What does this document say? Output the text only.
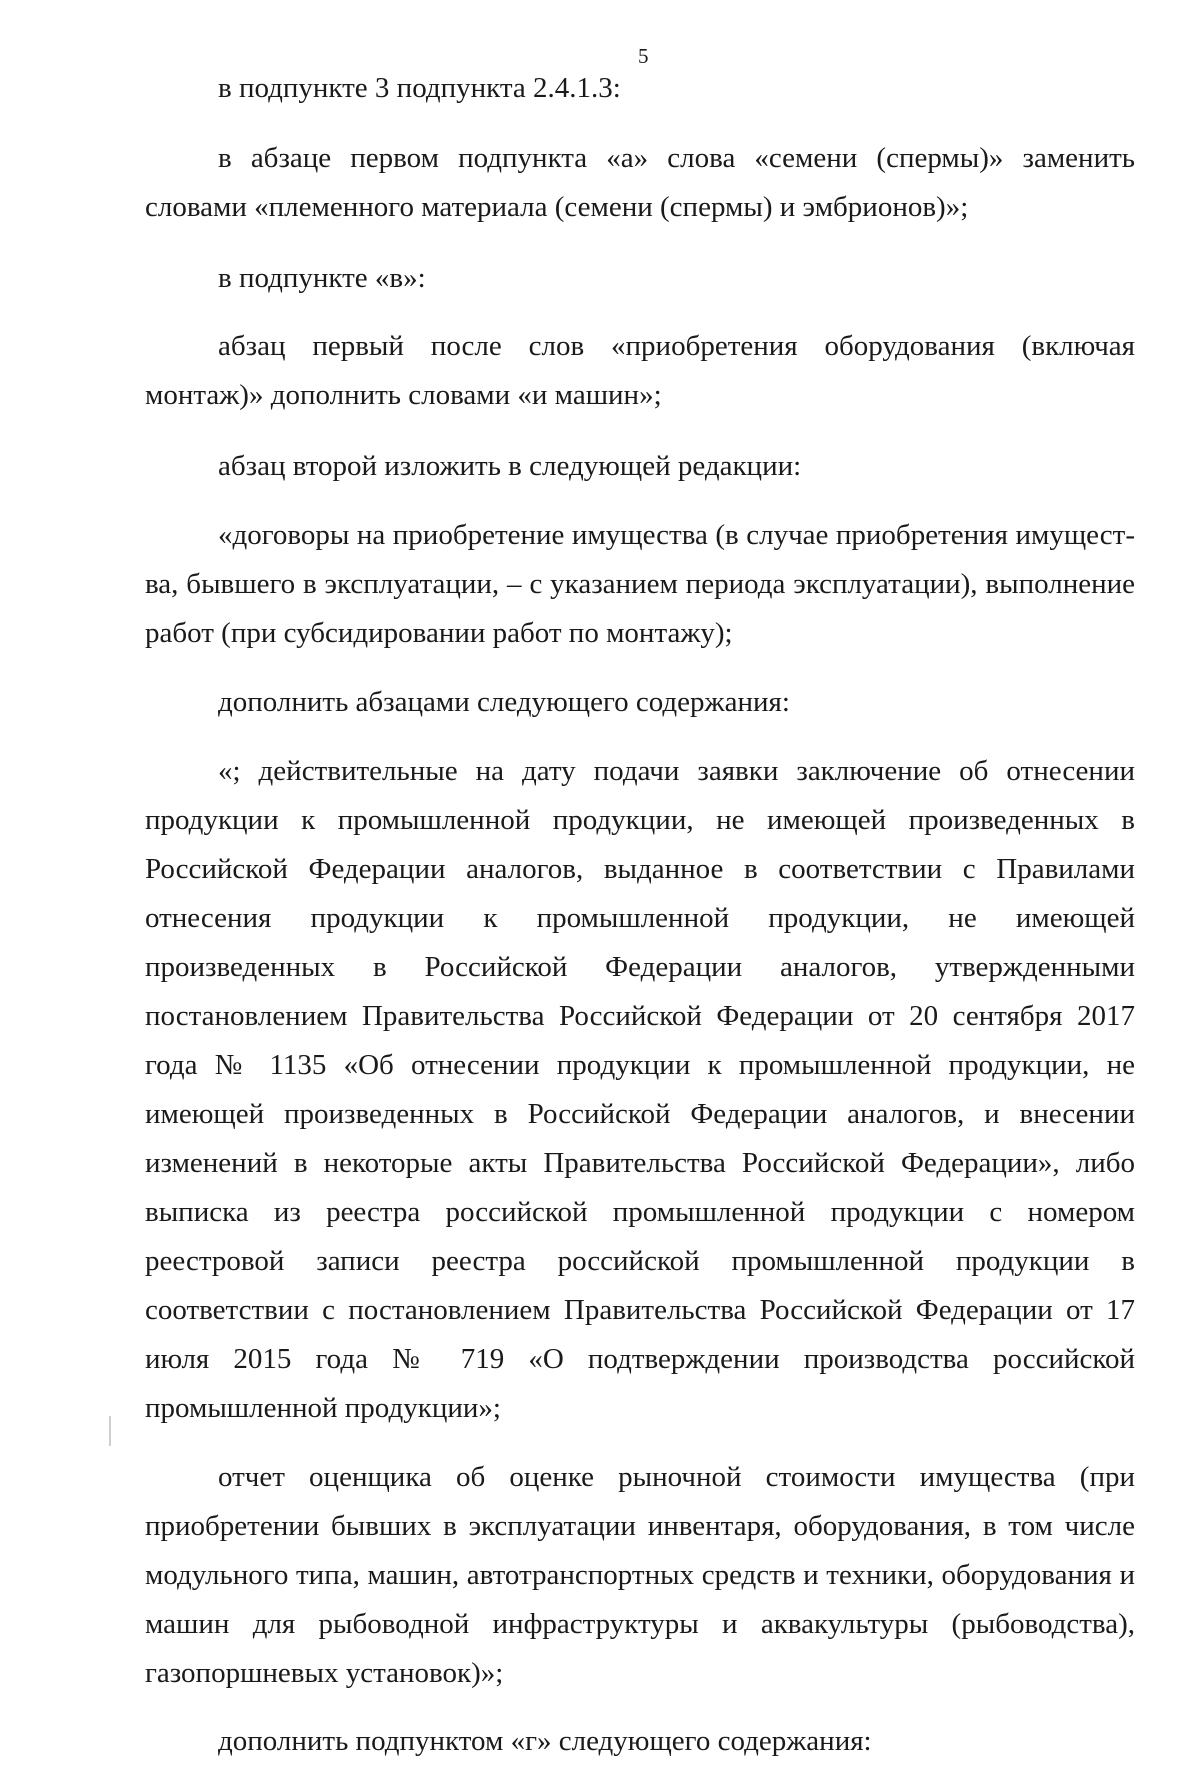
5

в подпункте 3 подпункта 2.4.1.3:

в абзаце первом подпункта «а» слова «семени (спермы)» заменить словами «племенного материала (семени (спермы) и эмбрионов)»;

в подпункте «в»:

абзац первый после слов «приобретения оборудования (включая монтаж)» дополнить словами «и машин»;

абзац второй изложить в следующей редакции:

«договоры на приобретение имущества (в случае приобретения имущества, бывшего в эксплуатации, – с указанием периода эксплуатации), выполнение работ (при субсидировании работ по монтажу);

дополнить абзацами следующего содержания:

«; действительные на дату подачи заявки заключение об отнесении продукции к промышленной продукции, не имеющей произведенных в Российской Федерации аналогов, выданное в соответствии с Правилами отнесения продукции к промышленной продукции, не имеющей произведенных в Российской Федерации аналогов, утвержденными постановлением Правительства Российской Федерации от 20 сентября 2017 года № 1135 «Об отнесении продукции к промышленной продукции, не имеющей произведенных в Российской Федерации аналогов, и внесении изменений в некоторые акты Правительства Российской Федерации», либо выписка из реестра российской промышленной продукции с номером реестровой записи реестра российской промышленной продукции в соответствии с постановлением Правительства Российской Федерации от 17 июля 2015 года № 719 «О подтверждении производства российской промышленной продукции»;

отчет оценщика об оценке рыночной стоимости имущества (при приобретении бывших в эксплуатации инвентаря, оборудования, в том числе модульного типа, машин, автотранспортных средств и техники, оборудования и машин для рыбоводной инфраструктуры и аквакультуры (рыбоводства), газопоршневых установок)»;

дополнить подпунктом «г» следующего содержания:
